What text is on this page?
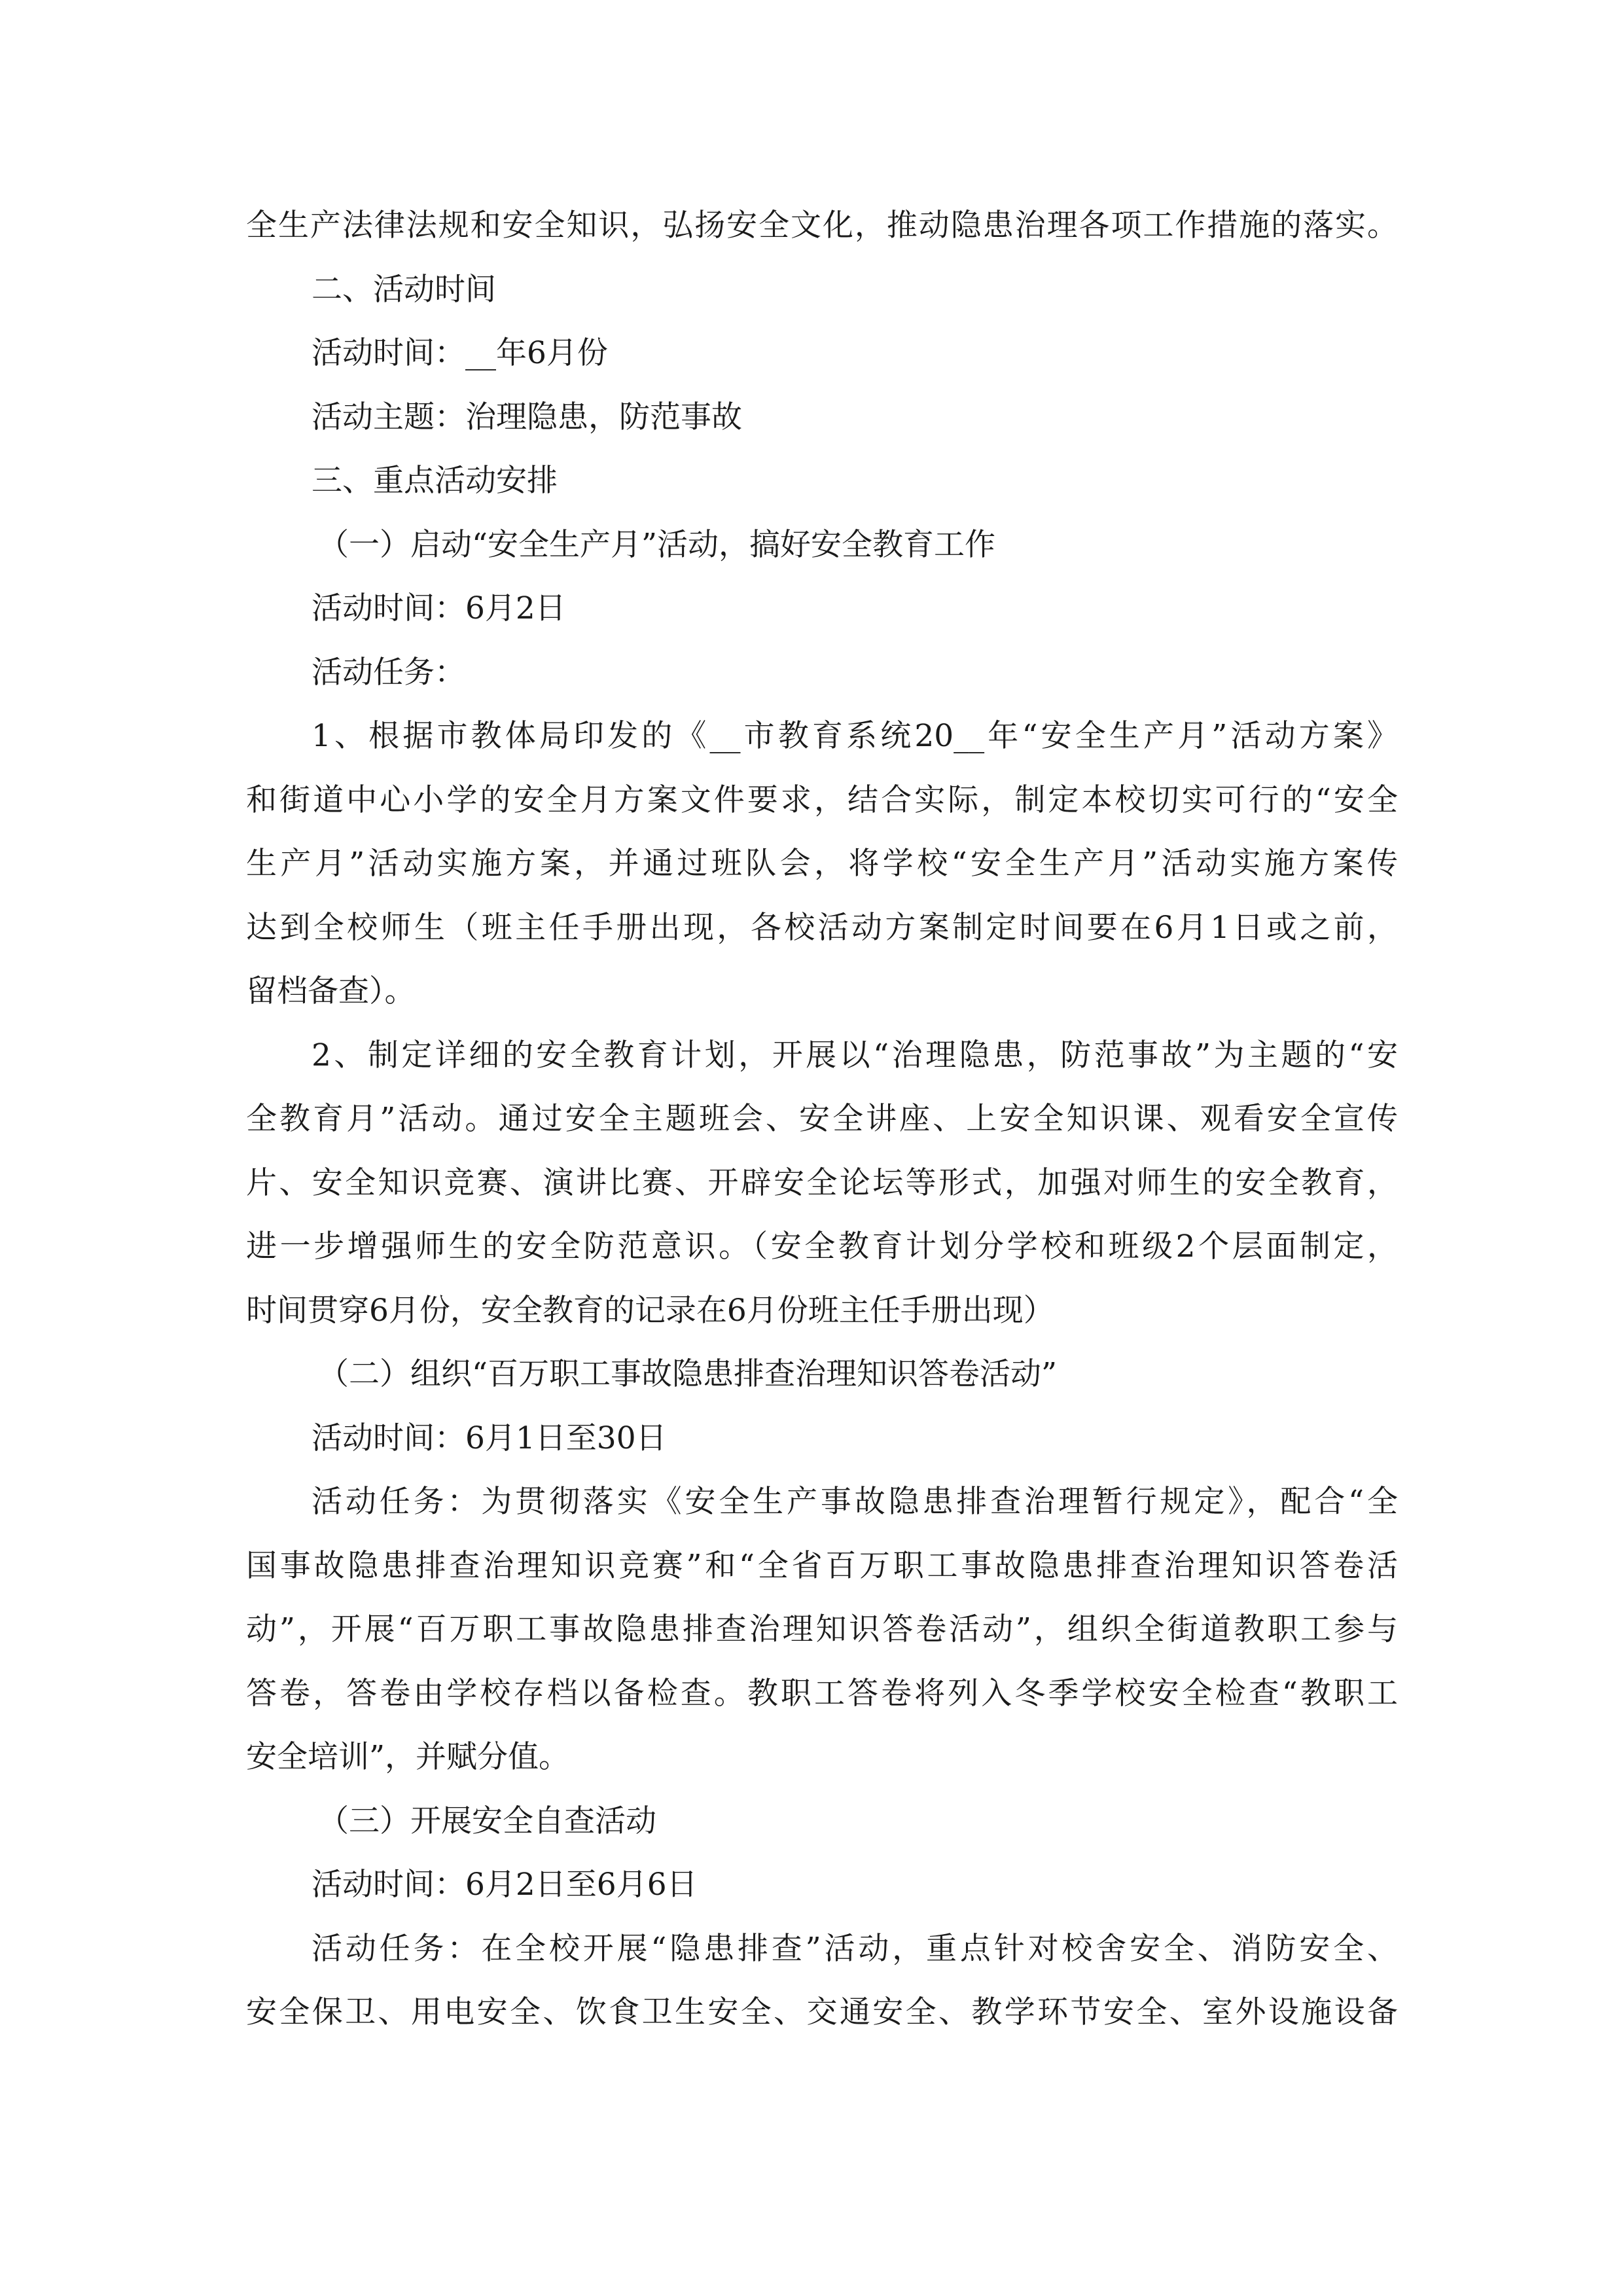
全生产法律法规和安全知识，弘扬安全文化，推动隐患治理各项工作措施的落实。
二、活动时间
活动时间：__年6月份
活动主题：治理隐患，防范事故
三、重点活动安排
（一）启动“安全生产月”活动，搞好安全教育工作
活动时间：6月2日
活动任务：
1、根据市教体局印发的《__市教育系统20__年“安全生产月”活动方案》
和街道中心小学的安全月方案文件要求，结合实际，制定本校切实可行的“安全
生产月”活动实施方案，并通过班队会，将学校“安全生产月”活动实施方案传
达到全校师生（班主任手册出现，各校活动方案制定时间要在6月1日或之前，
留档备查）。
2、制定详细的安全教育计划，开展以“治理隐患，防范事故”为主题的“安
全教育月”活动。通过安全主题班会、安全讲座、上安全知识课、观看安全宣传
片、安全知识竞赛、演讲比赛、开辟安全论坛等形式，加强对师生的安全教育，
进一步增强师生的安全防范意识。（安全教育计划分学校和班级2个层面制定，
时间贯穿6月份，安全教育的记录在6月份班主任手册出现）
（二）组织“百万职工事故隐患排查治理知识答卷活动”
活动时间：6月1日至30日
活动任务：为贯彻落实《安全生产事故隐患排查治理暂行规定》，配合“全
国事故隐患排查治理知识竞赛”和“全省百万职工事故隐患排查治理知识答卷活
动”，开展“百万职工事故隐患排查治理知识答卷活动”，组织全街道教职工参与
答卷，答卷由学校存档以备检查。教职工答卷将列入冬季学校安全检查“教职工
安全培训”，并赋分值。
（三）开展安全自查活动
活动时间：6月2日至6月6日
活动任务：在全校开展“隐患排查”活动，重点针对校舍安全、消防安全、
安全保卫、用电安全、饮食卫生安全、交通安全、教学环节安全、室外设施设备
